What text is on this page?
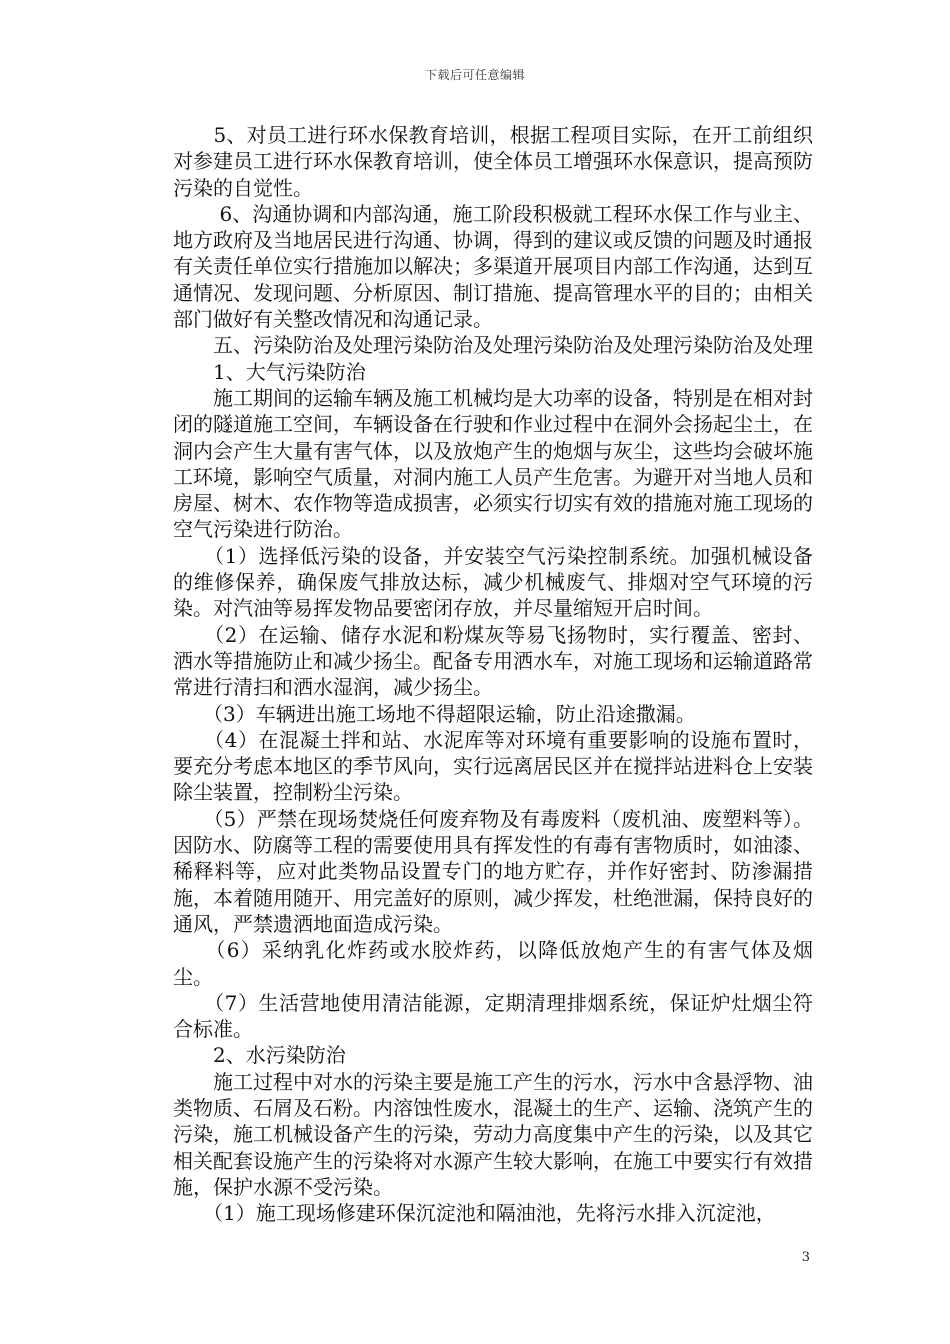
下载后可任意编辑

　　5、对员工进行环水保教育培训，根据工程项目实际，在开工前组织对参建员工进行环水保教育培训，使全体员工增强环水保意识，提高预防污染的自觉性。

　　 6、沟通协调和内部沟通，施工阶段积极就工程环水保工作与业主、地方政府及当地居民进行沟通、协调，得到的建议或反馈的问题及时通报有关责任单位实行措施加以解决；多渠道开展项目内部工作沟通，达到互通情况、发现问题、分析原因、制订措施、提高管理水平的目的；由相关部门做好有关整改情况和沟通记录。

　　五、污染防治及处理污染防治及处理污染防治及处理污染防治及处理

　　1、大气污染防治

　　施工期间的运输车辆及施工机械均是大功率的设备，特别是在相对封闭的隧道施工空间，车辆设备在行驶和作业过程中在洞外会扬起尘土，在洞内会产生大量有害气体，以及放炮产生的炮烟与灰尘，这些均会破坏施工环境，影响空气质量，对洞内施工人员产生危害。为避开对当地人员和房屋、树木、农作物等造成损害，必须实行切实有效的措施对施工现场的空气污染进行防治。

　　（1）选择低污染的设备，并安装空气污染控制系统。加强机械设备的维修保养，确保废气排放达标，减少机械废气、排烟对空气环境的污染。对汽油等易挥发物品要密闭存放，并尽量缩短开启时间。

　　（2）在运输、储存水泥和粉煤灰等易飞扬物时，实行覆盖、密封、洒水等措施防止和减少扬尘。配备专用洒水车，对施工现场和运输道路常常进行清扫和洒水湿润，减少扬尘。

　　（3）车辆进出施工场地不得超限运输，防止沿途撒漏。

　　（4）在混凝土拌和站、水泥库等对环境有重要影响的设施布置时，要充分考虑本地区的季节风向，实行远离居民区并在搅拌站进料仓上安装除尘装置，控制粉尘污染。

　　（5）严禁在现场焚烧任何废弃物及有毒废料（废机油、废塑料等）。因防水、防腐等工程的需要使用具有挥发性的有毒有害物质时，如油漆、稀释料等，应对此类物品设置专门的地方贮存，并作好密封、防渗漏措施，本着随用随开、用完盖好的原则，减少挥发，杜绝泄漏，保持良好的通风，严禁遗洒地面造成污染。

　　（6）采纳乳化炸药或水胶炸药，以降低放炮产生的有害气体及烟尘。

　　（7）生活营地使用清洁能源，定期清理排烟系统，保证炉灶烟尘符合标准。

　　2、水污染防治

　　施工过程中对水的污染主要是施工产生的污水，污水中含悬浮物、油类物质、石屑及石粉。内溶蚀性废水，混凝土的生产、运输、浇筑产生的污染，施工机械设备产生的污染，劳动力高度集中产生的污染，以及其它相关配套设施产生的污染将对水源产生较大影响，在施工中要实行有效措施，保护水源不受污染。

　　（1）施工现场修建环保沉淀池和隔油池，先将污水排入沉淀池，

3
